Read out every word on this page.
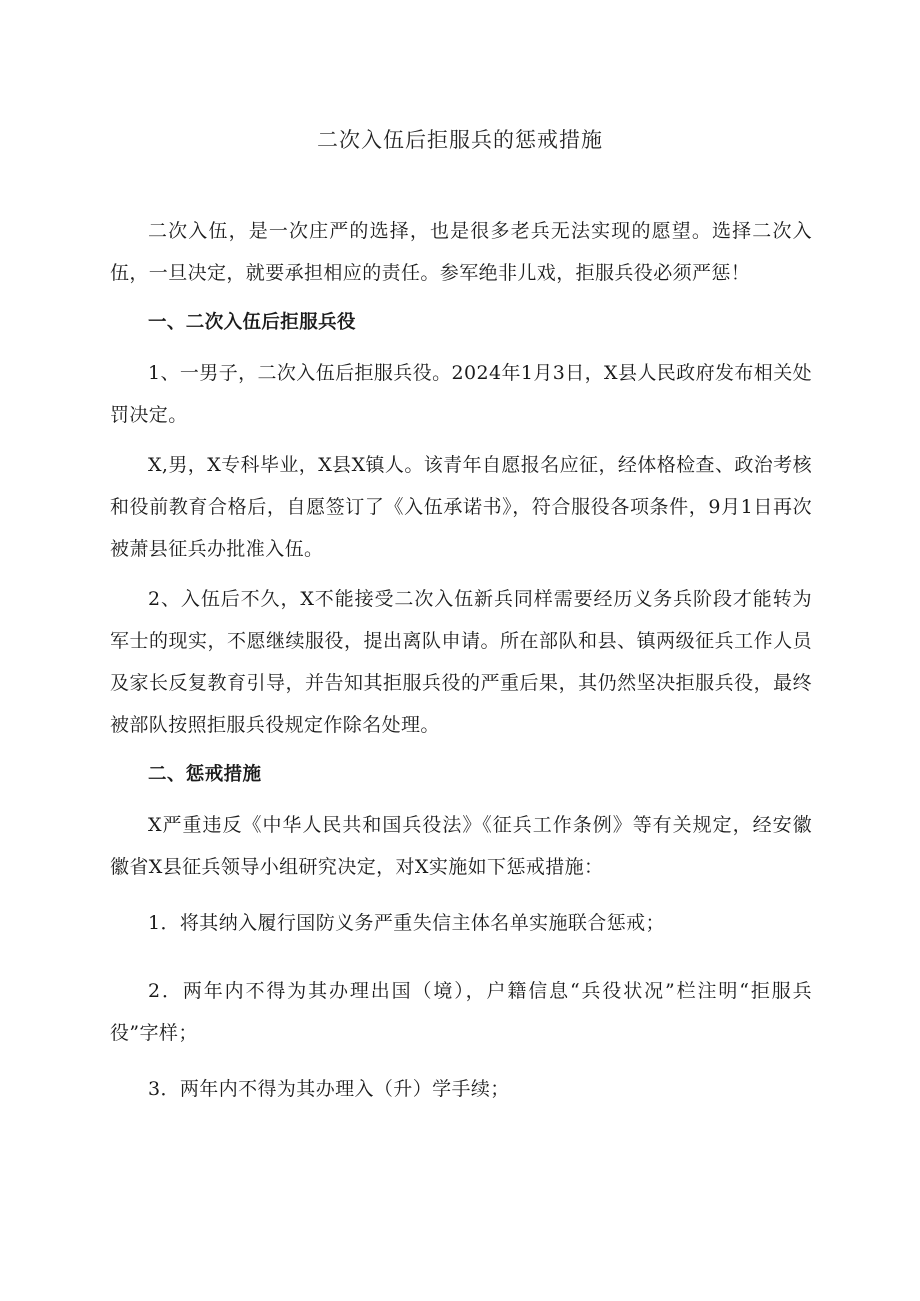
二次入伍后拒服兵的惩戒措施

二次入伍，是一次庄严的选择，也是很多老兵无法实现的愿望。选择二次入伍，一旦决定，就要承担相应的责任。参军绝非儿戏，拒服兵役必须严惩！

一、二次入伍后拒服兵役

1、一男子，二次入伍后拒服兵役。2024年1月3日，X县人民政府发布相关处罚决定。

X,男，X专科毕业，X县X镇人。该青年自愿报名应征，经体格检查、政治考核和役前教育合格后，自愿签订了《入伍承诺书》，符合服役各项条件，9月1日再次被萧县征兵办批准入伍。

2、入伍后不久，X不能接受二次入伍新兵同样需要经历义务兵阶段才能转为军士的现实，不愿继续服役，提出离队申请。所在部队和县、镇两级征兵工作人员及家长反复教育引导，并告知其拒服兵役的严重后果，其仍然坚决拒服兵役，最终被部队按照拒服兵役规定作除名处理。

二、惩戒措施

X严重违反《中华人民共和国兵役法》《征兵工作条例》等有关规定，经安徽徽省X县征兵领导小组研究决定，对X实施如下惩戒措施：

1．将其纳入履行国防义务严重失信主体名单实施联合惩戒；

2．两年内不得为其办理出国（境），户籍信息“兵役状况”栏注明“拒服兵役”字样；

3．两年内不得为其办理入（升）学手续；
